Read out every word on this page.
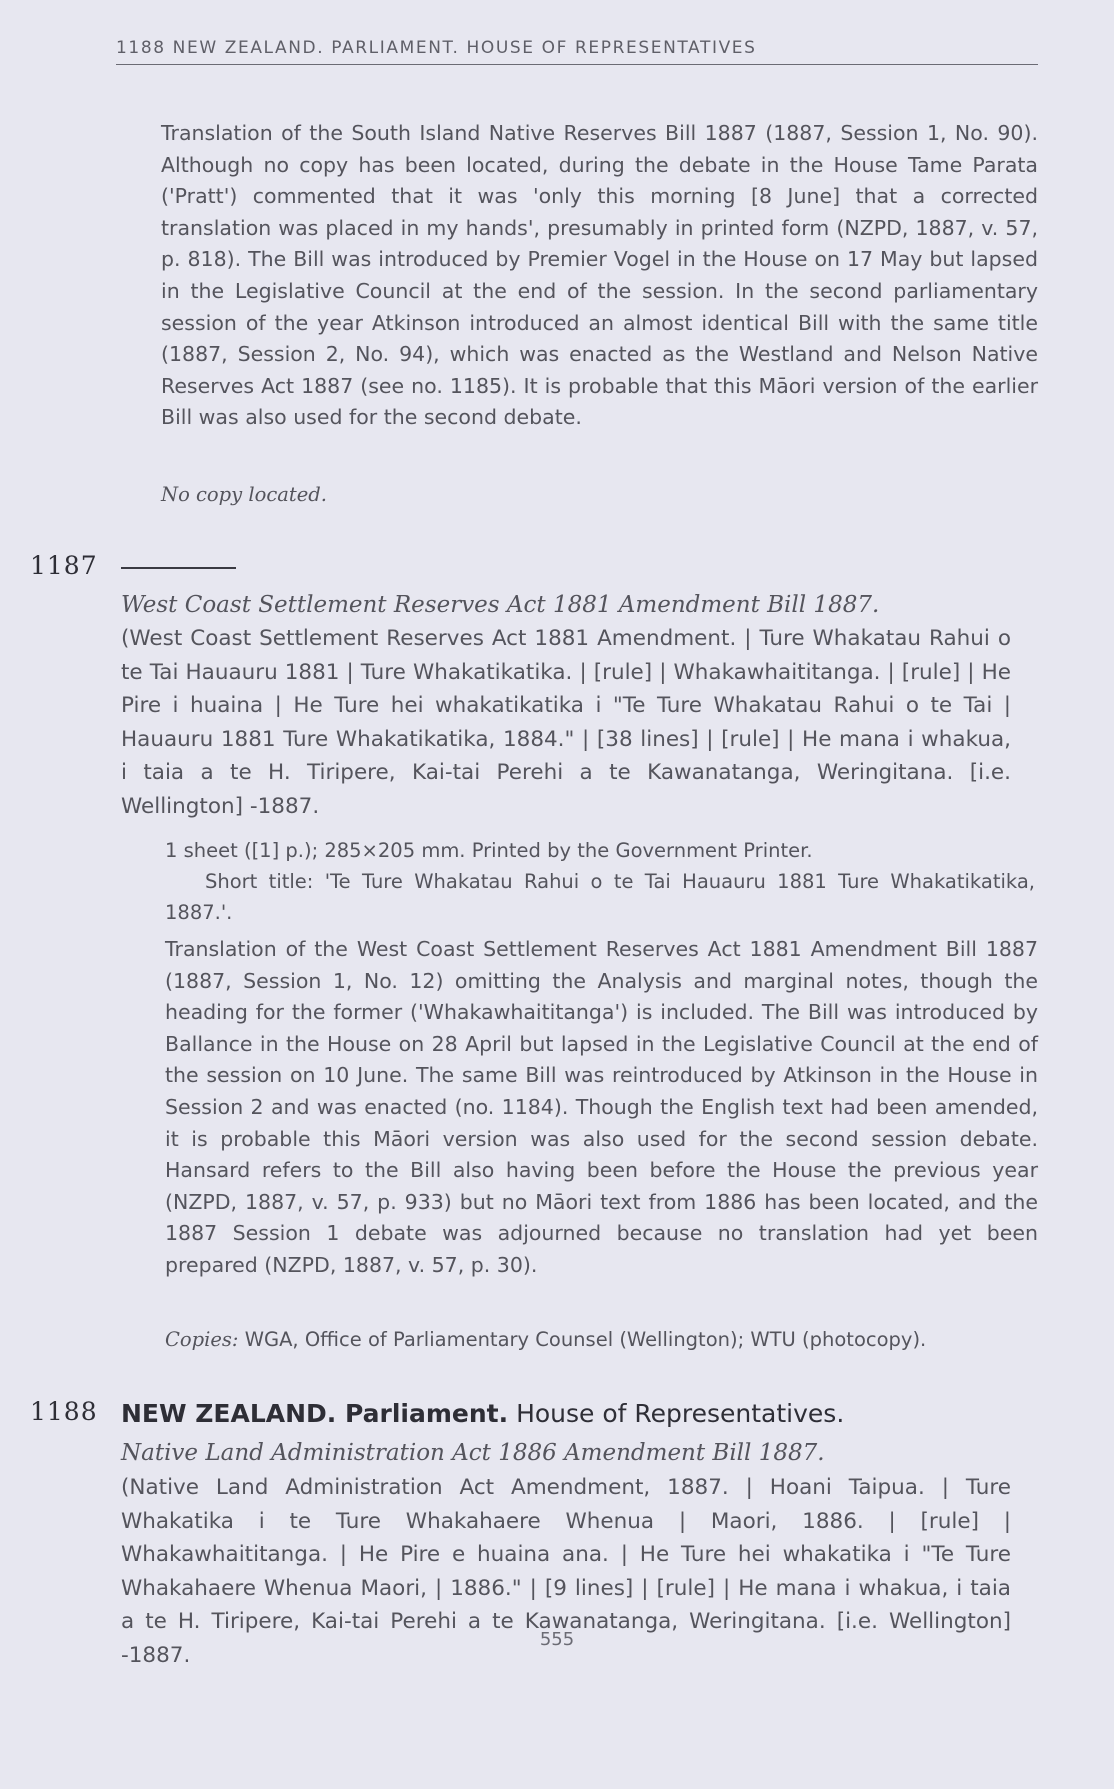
1188 NEW ZEALAND. PARLIAMENT. HOUSE OF REPRESENTATIVES
Translation of the South Island Native Reserves Bill 1887 (1887, Session 1, No. 90). Although no copy has been located, during the debate in the House Tame Parata ('Pratt') commented that it was 'only this morning [8 June] that a corrected translation was placed in my hands', presumably in printed form (NZPD, 1887, v. 57, p. 818). The Bill was introduced by Premier Vogel in the House on 17 May but lapsed in the Legislative Council at the end of the session. In the second parliamentary session of the year Atkinson introduced an almost identical Bill with the same title (1887, Session 2, No. 94), which was enacted as the Westland and Nelson Native Reserves Act 1887 (see no. 1185). It is probable that this Māori version of the earlier Bill was also used for the second debate.
No copy located.
1187
West Coast Settlement Reserves Act 1881 Amendment Bill 1887.
(West Coast Settlement Reserves Act 1881 Amendment. | Ture Whakatau Rahui o te Tai Hauauru 1881 | Ture Whakatikatika. | [rule] | Whakawhaititanga. | [rule] | He Pire i huaina | He Ture hei whakatikatika i "Te Ture Whakatau Rahui o te Tai | Hauauru 1881 Ture Whakatikatika, 1884." | [38 lines] | [rule] | He mana i whakua, i taia a te H. Tiripere, Kai-tai Perehi a te Kawanatanga, Weringitana. [i.e. Wellington] -1887.
1 sheet ([1] p.); 285×205 mm. Printed by the Government Printer.
Short title: 'Te Ture Whakatau Rahui o te Tai Hauauru 1881 Ture Whakatikatika, 1887.'.
Translation of the West Coast Settlement Reserves Act 1881 Amendment Bill 1887 (1887, Session 1, No. 12) omitting the Analysis and marginal notes, though the heading for the former ('Whakawhaititanga') is included. The Bill was introduced by Ballance in the House on 28 April but lapsed in the Legislative Council at the end of the session on 10 June. The same Bill was reintroduced by Atkinson in the House in Session 2 and was enacted (no. 1184). Though the English text had been amended, it is probable this Māori version was also used for the second session debate. Hansard refers to the Bill also having been before the House the previous year (NZPD, 1887, v. 57, p. 933) but no Māori text from 1886 has been located, and the 1887 Session 1 debate was adjourned because no translation had yet been prepared (NZPD, 1887, v. 57, p. 30).
Copies: WGA, Office of Parliamentary Counsel (Wellington); WTU (photocopy).
1188 NEW ZEALAND. Parliament. House of Representatives.
Native Land Administration Act 1886 Amendment Bill 1887.
(Native Land Administration Act Amendment, 1887. | Hoani Taipua. | Ture Whakatika i te Ture Whakahaere Whenua | Maori, 1886. | [rule] | Whakawhaititanga. | He Pire e huaina ana. | He Ture hei whakatika i "Te Ture Whakahaere Whenua Maori, | 1886." | [9 lines] | [rule] | He mana i whakua, i taia a te H. Tiripere, Kai-tai Perehi a te Kawanatanga, Weringitana. [i.e. Wellington] -1887.
555
